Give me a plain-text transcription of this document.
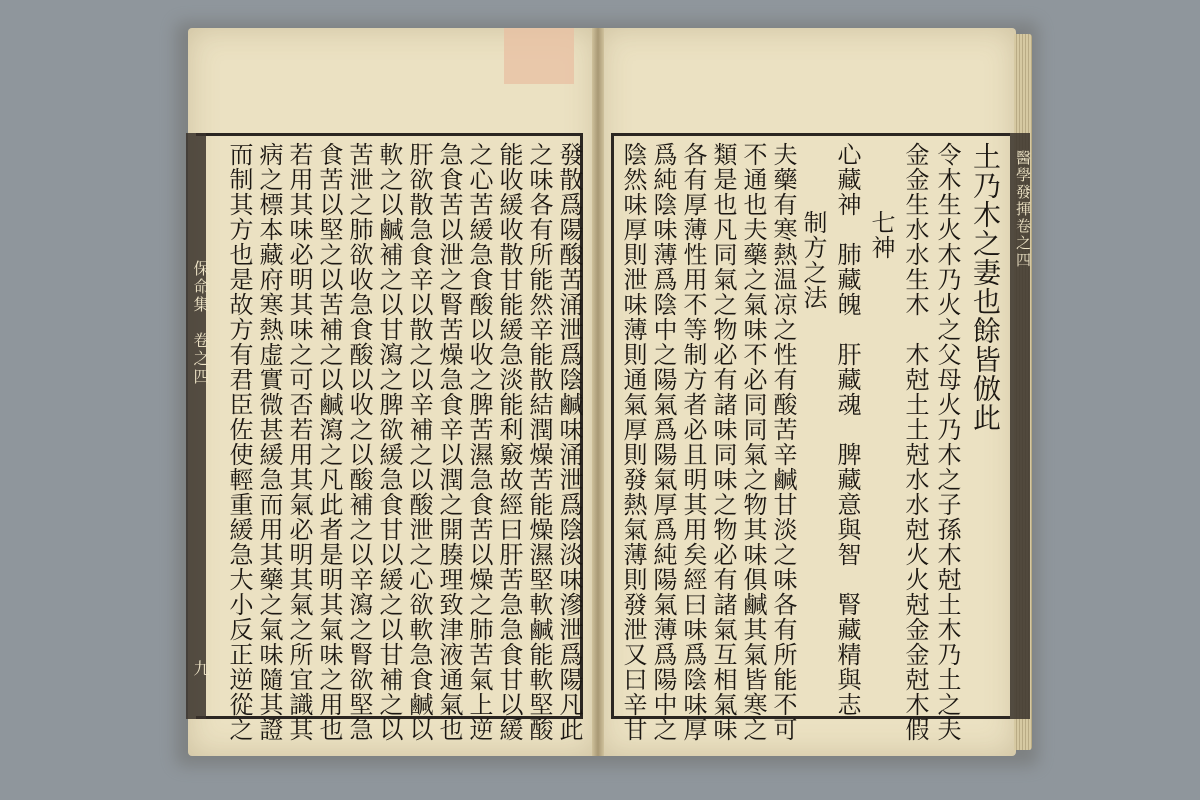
保命集　卷之四
九
醫學發揮卷之四
土乃木之妻也餘皆倣此
令木生火木乃火之父母火乃木之子孫木尅土木乃土之夫
金金生水水生木　木尅土土尅水水尅火火尅金金尅木假
七神
心藏神　肺藏魄　肝藏魂　脾藏意與智　腎藏精與志
制方之法
夫藥有寒熱温凉之性有酸苦辛鹹甘淡之味各有所能不可
不通也夫藥之氣味不必同同氣之物其味俱鹹其氣皆寒之
類是也凡同氣之物必有諸味同味之物必有諸氣互相氣味
各有厚薄性用不等制方者必且明其用矣經曰味爲陰味厚
爲純陰味薄爲陰中之陽氣爲陽氣厚爲純陽氣薄爲陽中之
陰然味厚則泄味薄則通氣厚則發熱氣薄則發泄又曰辛甘
發散爲陽酸苦涌泄爲陰鹹味涌泄爲陰淡味滲泄爲陽凡此
之味各有所能然辛能散結潤燥苦能燥濕堅軟鹹能軟堅酸
能收緩收散甘能緩急淡能利竅故經曰肝苦急急食甘以緩
之心苦緩急食酸以收之脾苦濕急食苦以燥之肺苦氣上逆
急食苦以泄之腎苦燥急食辛以潤之開腠理致津液通氣也
肝欲散急食辛以散之以辛補之以酸泄之心欲軟急食鹹以
軟之以鹹補之以甘瀉之脾欲緩急食甘以緩之以甘補之以
苦泄之肺欲收急食酸以收之以酸補之以辛瀉之腎欲堅急
食苦以堅之以苦補之以鹹瀉之凡此者是明其氣味之用也
若用其味必明其味之可否若用其氣必明其氣之所宜識其
病之標本藏府寒熱虚實微甚緩急而用其藥之氣味隨其證
而制其方也是故方有君臣佐使輕重緩急大小反正逆從之
